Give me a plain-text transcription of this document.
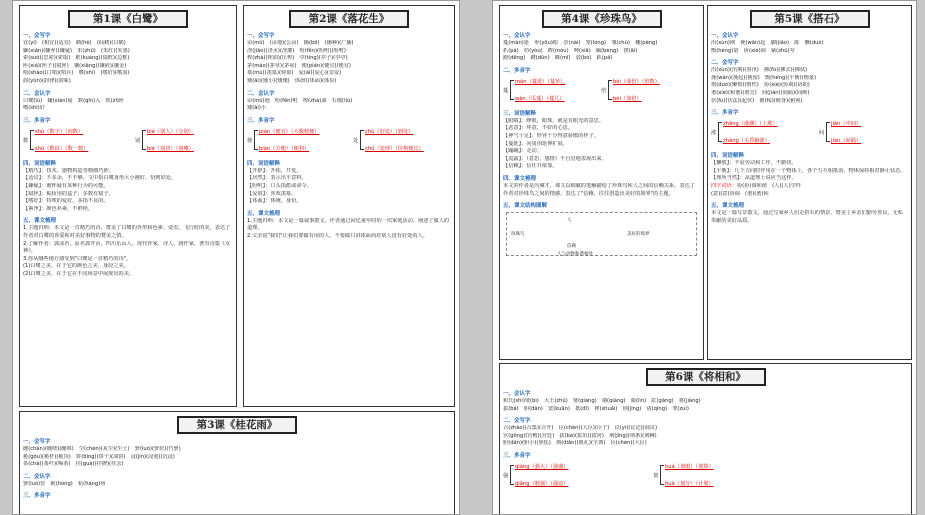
第1课《白鹭》
一、会写字
宜(yí)　(相宜)(适宜)　鹤(hè)　(仙鹤)(白鹤)
嫌(xián)(嫌弃)(嫌疑)　朱(zhū)　(朱红)(朱墨)
索(suǒ)(思索)(索取)　框(kuàng)(镜框)(边框)
匣(xiá)(匣子)(镜匣)　镶(xiāng)(镶嵌)(镶金)
哨(shào)(口哨)(哨兵)　嗜(shì)　(嗜好)(嗜血)
韵(yùn)(韵律)(韵味)
二、会认字
白鹭(lù)　嫌(xián)疑　数(qīn)入　铁(zǐ)匣
嗜(shì)好
三、多音字
数
shù（数字）（间数）
shǔ（数说）（数一数）
别
bié（别人）（分别）
biè（别扭）（别嘴）
四、词语解释
【精巧】：技术、器物构造等精细巧妙。
【适宜】：不多余，不不够。文中指白鹭身形大小刚好、恰到好处。
【嫌疑】：被怀疑有某种行为的可能。
【镜匣】：梳妆用的盒子，多数有镜子。
【嗜好】：特殊的爱好。多指不良的。
【素净】：颜色朴素，不鲜艳。
五、课文梳理
1.主题归纳：本文是一首精巧的诗，赞美了白鹭的外形和色素、姿态、飞行时的美，表达了作者对白鹭的喜爱和对美好事物的赞美之情。
2.了解作者：郭沫若，原名郭开贞，四川乐山人，现代作家、诗人、剧作家，著有诗集《女神》。
3.你从哪些地方感受到"白鹭是一首精巧的诗"。
(1)白鹭之美，在于它的颜色之美、身段之美。
(2)白鹭之美，在于它在不同场景中展现出的美。
第2课《落花生》
一、会写字
亩(mǔ)　(亩地)(公亩)　播(bō)　(播种)(广播)
浇(jiāo)(浇水)(浇灌)　吩(fēn)(吩咐)(吩咐)
榨(zhà)(榨油)(压榨)　亭(tíng)(亭子)(亭亭)
茅(máo)(茅草)(茅屋)　便(pián)(便宜)(便宜)
慕(mù)(羡慕)(仰慕)　爱(ài)(爱心)(亲爱)
矮(ǎi)(矮小)(矮矮)　体(tǐ)(体面)(体验)
二、会认字
亩(mǔ)地　吩(fēn)咐　榨(zhà)油　石榴(liú)
矮(ǎi)小
三、多音字
便
pián（便宜）（大腹便便）
biàn（方便）（便利）
处
chù（好处）（到处）
chǔ（处理）（价格便宜）
四、词语解释
【开辟】：开拓，开发。
【居然】：表示出乎意料。
【吩咐】：口头指派或命令。
【爱慕】：喜欢羡慕。
【体面】：体统，身份。
五、课文梳理
1.主题归纳：本文是一篇叙事散文，作者通过回忆童年时的一次家庭活动，阐述了做人的道理。
2.父亲说"我们"让我们要做有用的人，不要做只讲体面而对别人没有好处的人。
第3课《桂花雨》
一、会写字
缠(chán)(缠绕)(缠绵)　尘(chén)(灰尘)(尘土)　箩(luó)(箩筐)(竹箩)
桅(gǒu)(桅杆)(桅顶)　饼(bǐng)(饼干)(油饼)　浸(jìn)(浸泡)(沉浸)
茶(chá)(茶叶)(喝茶)　挂(guà)(挂牌)(挂念)
二、会认字
箩(luó)筐　桅(hóng)　杭(háng)州
三、多音字
第4课《珍珠鸟》
一、会认字
蔓(màn)延　垂(yōu)暗　奈(nài)　笼(lóng)　雏(chú)　棚(péng)
扒(pá)　幼(yòu)　眸(móu)　呷(xiā)　蹦(bèng)　挨(āi)
蹬(dēng)　蹲(dūn)　眯(mī)　驳(bó)　趴(pā)
二、多音字
蔓
màn（蔓延）（蔓草）
wàn（瓜蔓）（蔓儿）
倍
bèi（成倍）（倍数）
bèi（加倍）
三、词语解释
【眼睛】：睁眼，眼珠，就是有眼光的意思。
【恶意】：坏意，不好的心思。
【神气十足】：形容十分得意骄傲的样子。
【蔓延】：向周围延伸扩展。
【蹦蹦】：走动。
【流露】：（意思、感情）不自觉地表现出来。
【信赖】：信任并依靠。
四、课文梳理
本文的作者是冯骥才，课文以细腻的笔触描绘了珍珠鸟和人之间的信赖关系，表达了作者对珍珠鸟之间的情感。表达了"信赖，往往创造出美好的境界"的主题。
五、课文结构图解
珍珠鸟
人
信赖
美好的境界
人与动物和谐相处
第5课《搭石》
一、会认字
汛(xùn)期　挽(wǎn)起　脚(jiǎo)　陈　懒(duò)
衡(héng)量　协(xié)调　紧(zhǔ)夸
二、会写字
汛(xùn)(汛期)(春汛)　拂(fú)(拂去)(拂拭)
挽(wǎn)(挽起)(挽留)　衡(héng)(平衡)(衡量)
惰(duò)(懒惰)(惰性)　协(xié)(协调)(协助)
谐(xié)(和谐)(谐音)　间(jiàn)(间隔)(间断)
伏(fú)(伏法)(起伏)　俯(fǔ)(俯身)(俯视)
三、多音字
涨
zhǎng（涨潮）（上涨）
zhàng（头昏脑涨）
间
jiān（中间）
jiàn（间隔）
四、词语解释
【懒惰】：不爱劳动和工作，不勤快。
【平衡】：几个力同时作用在一个物体上，各个力互相抵消，物体保持相对静止状态。
【理所当然】：从道理上说应当这样。
四字词语：协(协)调和谐　(人)(人)学样
(意)(意)协调　(谐)(谐)和
五、课文梳理
本文是一篇写景散文，通过写家乡人们走搭石的情景，赞美了乡亲们勤劳善良、无私奉献的美好品质。
第6课《将相和》
一、会认字
和氏(shì)璧(bì)　大王(zhū)　璧(qiáng)　墙(qiáng)　蔺(lìn)　缸(gāng)　将(jiàng)
拔(bá)　胆(dǎn)　宽(kuān)　抵(dǐ)　摔(shuāi)　荆(jīng)　请(qǐng)　罪(zuì)
二、会写字
召(zhào)(召集)(召开)　臣(chén)(大臣)(臣子)　议(yì)(议论)(商议)
宫(gōng)(宫殿)(宫廷)　拔(bá)(拔出)(拔河)　荆(jīng)(荆条)(荆棘)
胆(dǎn)(胆小)(胆怯)　典(diǎn)(典礼)(字典)　臣(chén)(大臣)
三、多音字
强
qiáng（强大）（强盛）
qiǎng（勉强）（强迫）
划
huá（划船）（划算）
huà（划分）（计划）
